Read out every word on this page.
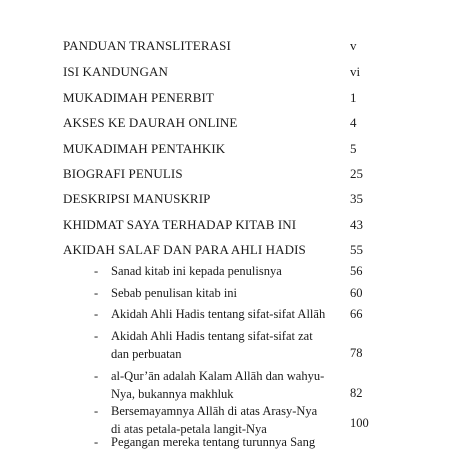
PANDUAN TRANSLITERASI	v
ISI KANDUNGAN	vi
MUKADIMAH PENERBIT	1
AKSES KE DAURAH ONLINE	4
MUKADIMAH PENTAHKIK	5
BIOGRAFI PENULIS	25
DESKRIPSI MANUSKRIP	35
KHIDMAT SAYA TERHADAP KITAB INI	43
AKIDAH SALAF DAN PARA AHLI HADIS	55
- Sanad kitab ini kepada penulisnya	56
- Sebab penulisan kitab ini	60
- Akidah Ahli Hadis tentang sifat-sifat Allāh 66
- Akidah Ahli Hadis tentang sifat-sifat zat
dan perbuatan	78
- al-Qur’ān adalah Kalam Allāh dan wahyu-
Nya, bukannya makhluk	82
- Bersemayamnya Allāh di atas Arasy-Nya
di atas petala-petala langit-Nya	100
- Pegangan mereka tentang turunnya Sang
